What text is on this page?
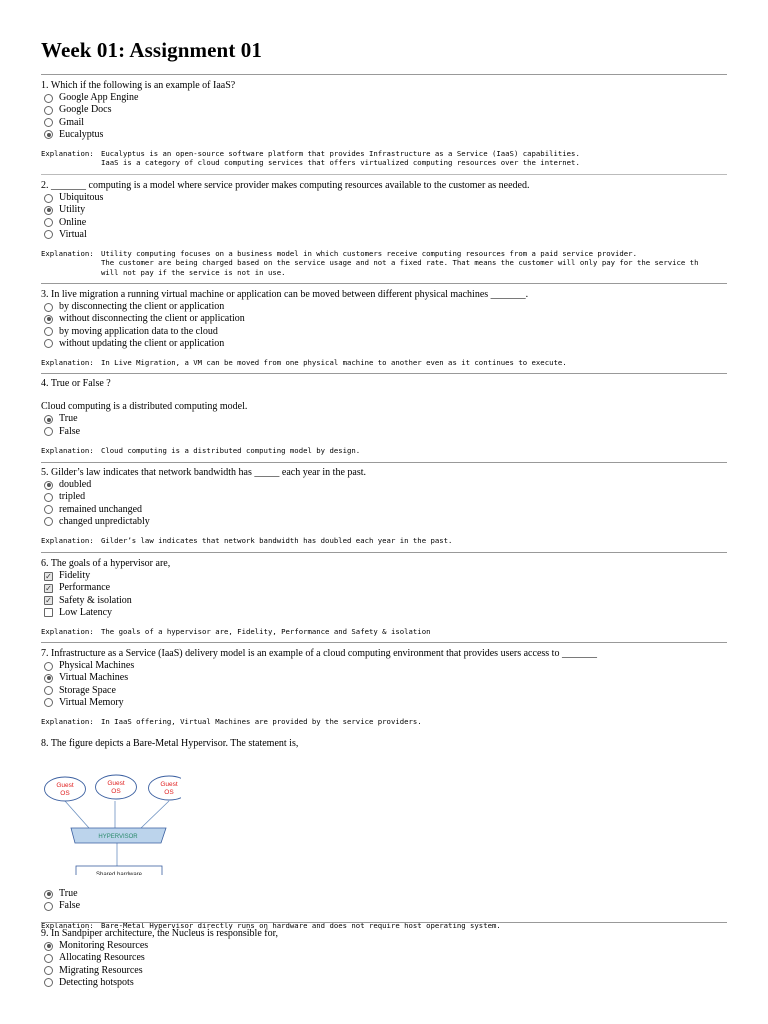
Week 01: Assignment 01

1. Which if the following is an example of IaaS?

Google App Engine
Google Docs
Gmail
Eucalyptus
Explanation: Eucalyptus is an open-source software platform that provides Infrastructure as a Service (IaaS) capabilities.
IaaS is a category of cloud computing services that offers virtualized computing resources over the internet.

2. _______ computing is a model where service provider makes computing resources available to the customer as needed.

Ubiquitous
Utility
Online
Virtual
Explanation: Utility computing focuses on a business model in which customers receive computing resources from a paid service provider.
The customer are being charged based on the service usage and not a fixed rate. That means the customer will only pay for the service th
will not pay if the service is not in use.

3. In live migration a running virtual machine or application can be moved between different physical machines _______.

by disconnecting the client or application
without disconnecting the client or application
by moving application data to the cloud
without updating the client or application
Explanation: In Live Migration, a VM can be moved from one physical machine to another even as it continues to execute.

4. True or False ?

Cloud computing is a distributed computing model.

True
False
Explanation: Cloud computing is a distributed computing model by design.

5. Gilder’s law indicates that network bandwidth has _____ each year in the past.

doubled
tripled
remained unchanged
changed unpredictably
Explanation: Gilder’s law indicates that network bandwidth has doubled each year in the past.

6. The goals of a hypervisor are,

✓ Fidelity
✓ Performance
✓ Safety & isolation
Low Latency
Explanation: The goals of a hypervisor are, Fidelity, Performance and Safety & isolation

7. Infrastructure as a Service (IaaS) delivery model is an example of a cloud computing environment that provides users access to _______

Physical Machines
Virtual Machines
Storage Space
Virtual Memory
Explanation: In IaaS offering, Virtual Machines are provided by the service providers.

8. The figure depicts a Bare-Metal Hypervisor. The statement is,

Guest
OS
Guest
OS
Guest
OS
HYPERVISOR
Shared hardware
True
False
Explanation: Bare-Metal Hypervisor directly runs on hardware and does not require host operating system.

9. In Sandpiper architecture, the Nucleus is responsible for,

Monitoring Resources
Allocating Resources
Migrating Resources
Detecting hotspots
